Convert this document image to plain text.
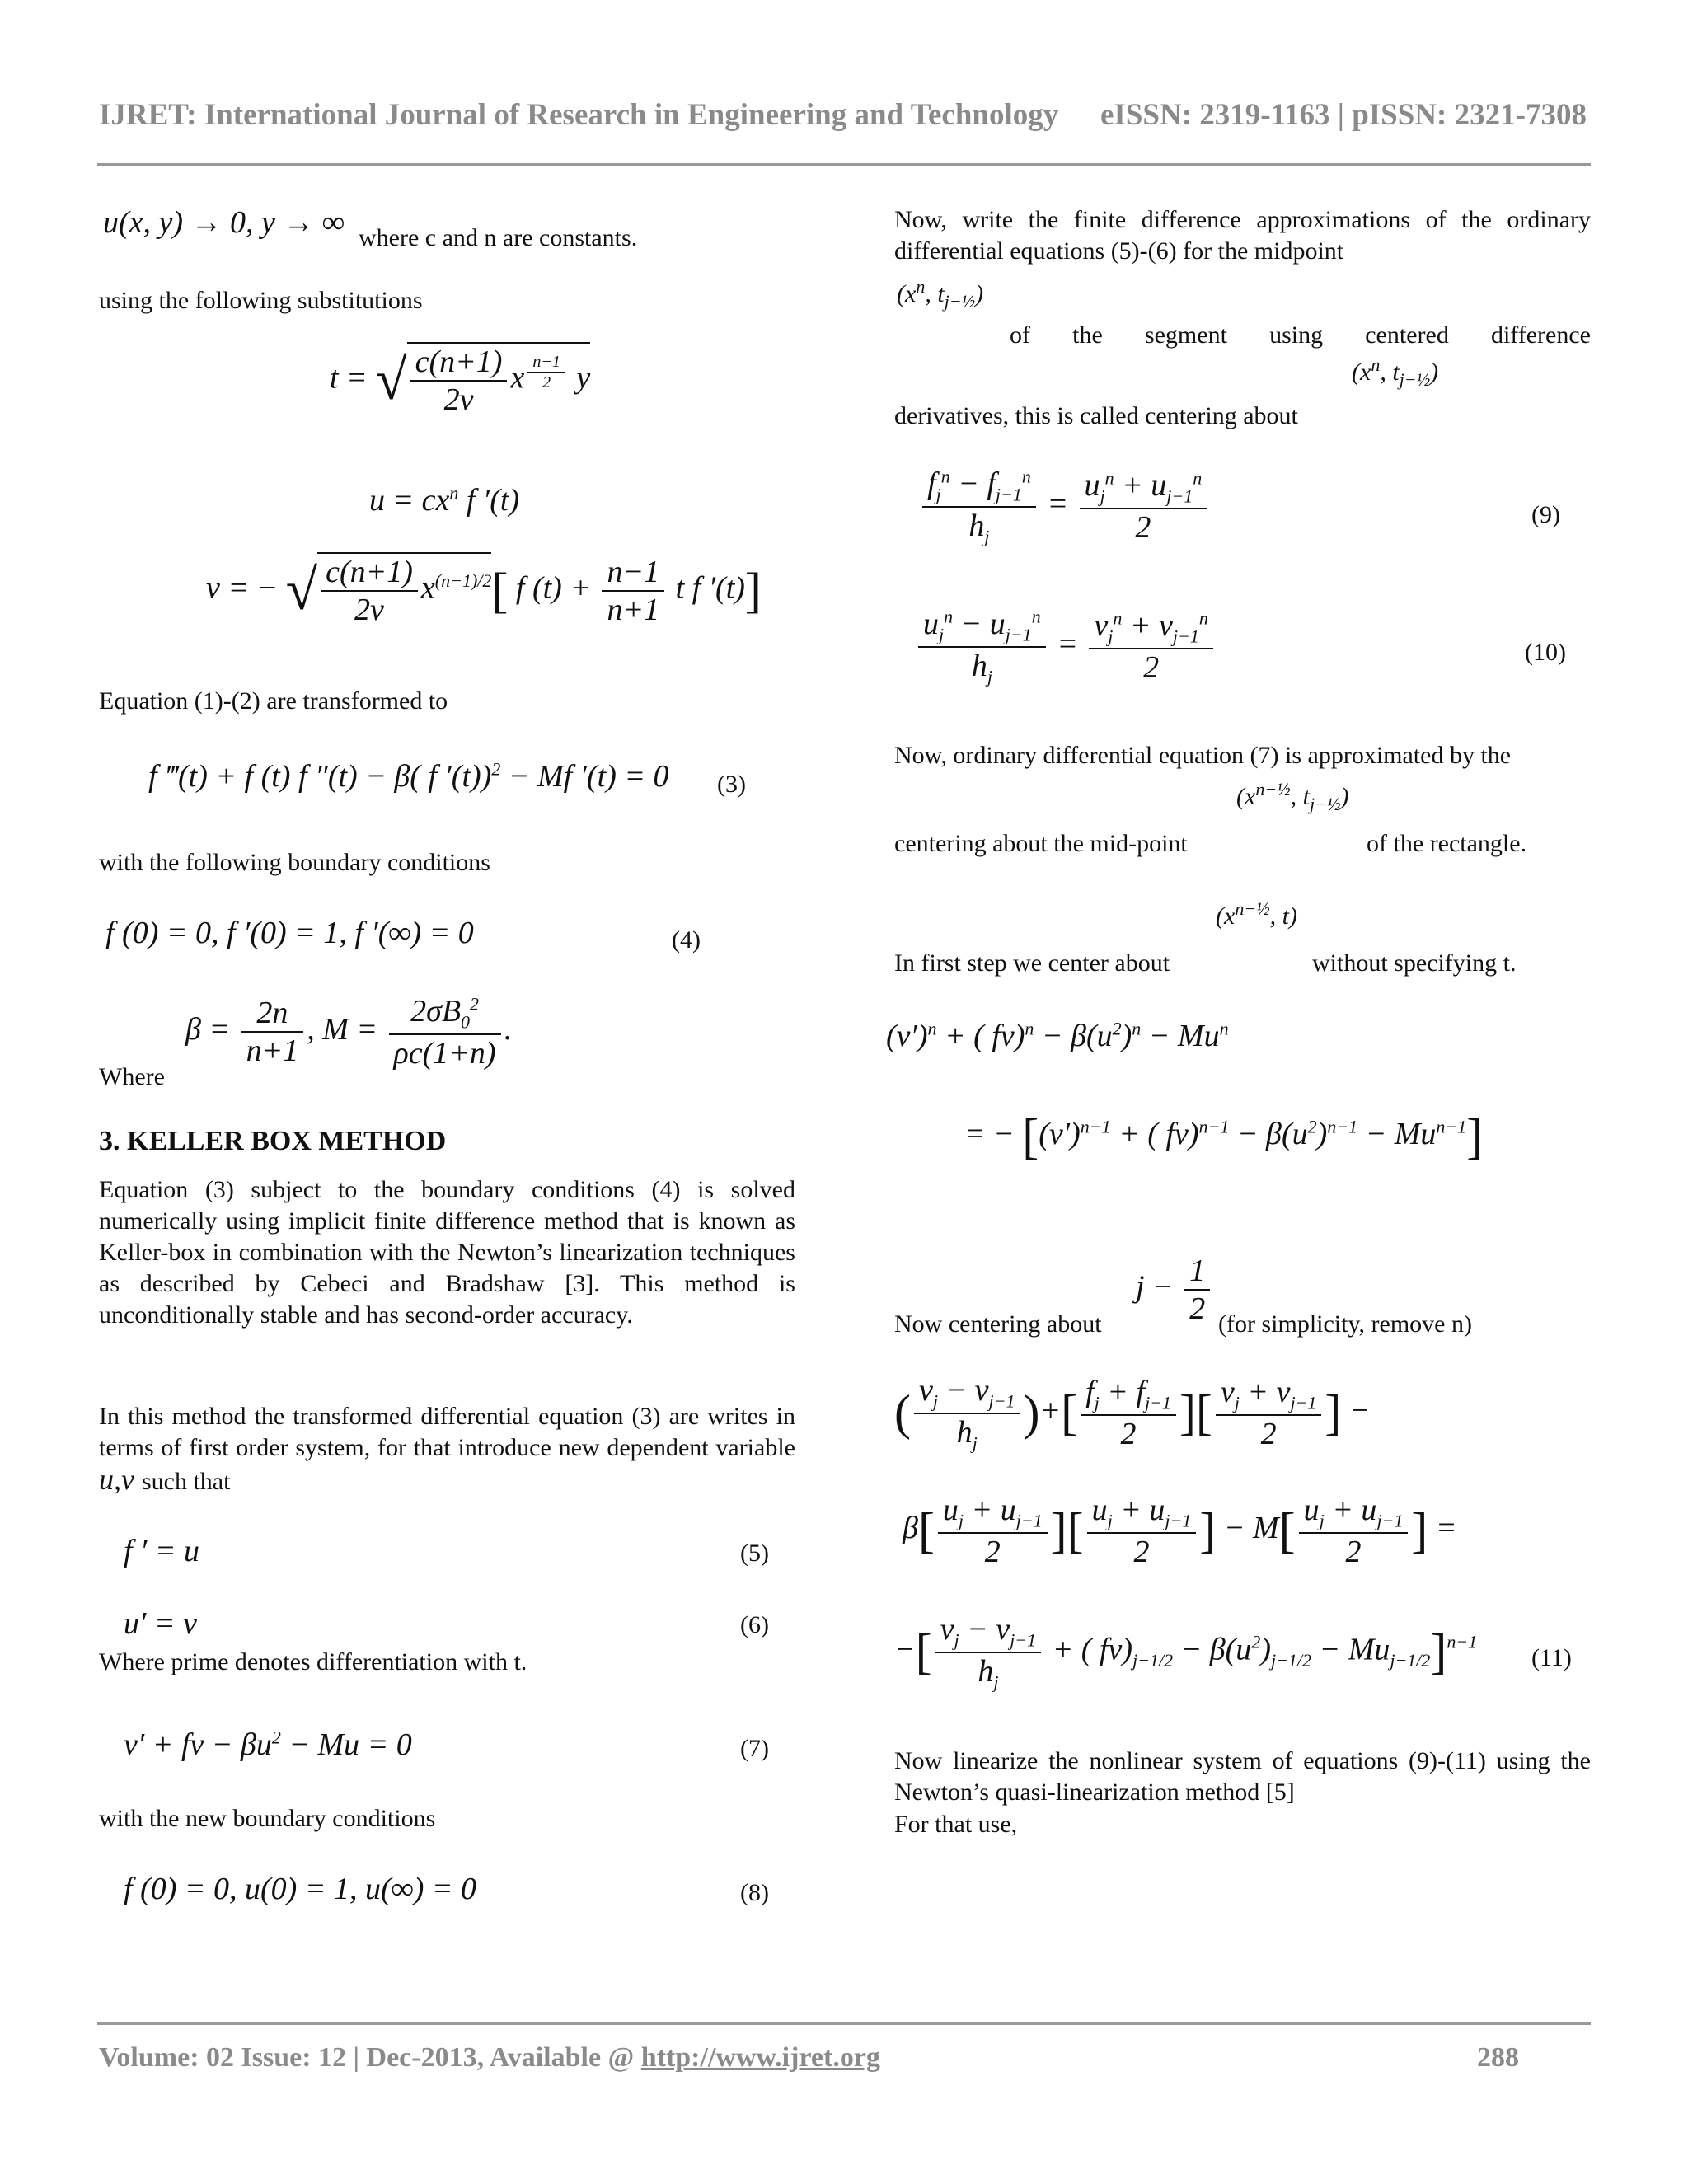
IJRET: International Journal of Research in Engineering and Technology eISSN: 2319-1163 | pISSN: 2321-7308
u(x, y) → 0, y → ∞ where c and n are constants.
using the following substitutions
t = √ $\frac{c(n+1)}{2v}$ x $^{\frac{n-1}{2}}$ y
$u = cx^n$ f ′(t)
v = − √ $\frac{c(n+1)}{2v} x^{(n-1)/2}$[ f $(t) + \frac{n-1}{n+1}$ t f ′(t)]
Equation (1)-(2) are transformed to
f ‴(t) + f (t) f ″(t) − β( f ′(t))$^2$ − Mf ′(t) = 0 (3)
with the following boundary conditions
f (0) = 0, f ′(0) = 1, f ′(∞) = 0	(4)
Where
$\beta = \frac{2n}{n+1}$ , $M = \frac{2\sigma B_0^2}{\rho c(1+n)}$ .
3. KELLER BOX METHOD
Equation (3) subject to the boundary conditions (4) is solved numerically using implicit finite difference method that is known as Keller-box in combination with the Newton’s linearization techniques as described by Cebeci and Bradshaw [3]. This method is unconditionally stable and has second-order accuracy.
In this method the transformed differential equation (3) are writes in terms of first order system, for that introduce new dependent variable u,v such that
f ′ = u	(5)
u′ = v	(6)
Where prime denotes differentiation with t.
v′ + fv − $\beta u^2 - Mu = 0$	(7)
with the new boundary conditions
f (0) = 0, u(0) = 1, u(∞) = 0	(8)
Now, write the finite difference approximations of the ordinary differential equations (5)-(6) for the midpoint
($x^n$, $t_{j-\frac{1}{2}}$)
of the segment using centered difference
($x^n$, $t_{j-\frac{1}{2}}$)
derivatives, this is called centering about
$\frac{f_j^n - f_{j-1}^n}{h_j} = \frac{u_j^n + u_{j-1}^n}{2}$	(9)
$\frac{u_j^n - u_{j-1}^n}{h_j} = \frac{v_j^n + v_{j-1}^n}{2}$	(10)
Now, ordinary differential equation (7) is approximated by the
($x^{n-\frac{1}{2}}$, $t_{j-\frac{1}{2}}$)
centering about the mid-point	of the rectangle.
($x^{n-\frac{1}{2}}$, t)
In first step we center about	without specifying t.
$(v')^n$ + ( $fv)^n - \beta(u^2)^n - Mu^n$
= − [$(v')^{n-1}$ + ( $fv)^{n-1} - \beta(u^2)^{n-1} - Mu^{n-1}$]
$j - \frac{1}{2}$
Now centering about	(for simplicity, remove n)
( $\frac{v_j - v_{j-1}}{h_j}$ )+[ $\frac{f_j + f_{j-1}}{2}$ ][ $\frac{v_j + v_{j-1}}{2}$ ] −
$\beta[ \frac{u_j + u_{j-1}}{2}$ ][ $\frac{u_j + u_{j-1}}{2}$ ] − $M[ \frac{u_j + u_{j-1}}{2}$ ] =
−[ $\frac{v_j - v_{j-1}}{h_j}$ + ( $fv)_{j-1/2} - \beta(u^2)_{j-1/2} - Mu_{j-1/2}]^{n-1}$
(11)
Now linearize the nonlinear system of equations (9)-(11) using the Newton’s quasi-linearization method [5]
For that use,
Volume: 02 Issue: 12 | Dec-2013, Available @ http://www.ijret.org	288
